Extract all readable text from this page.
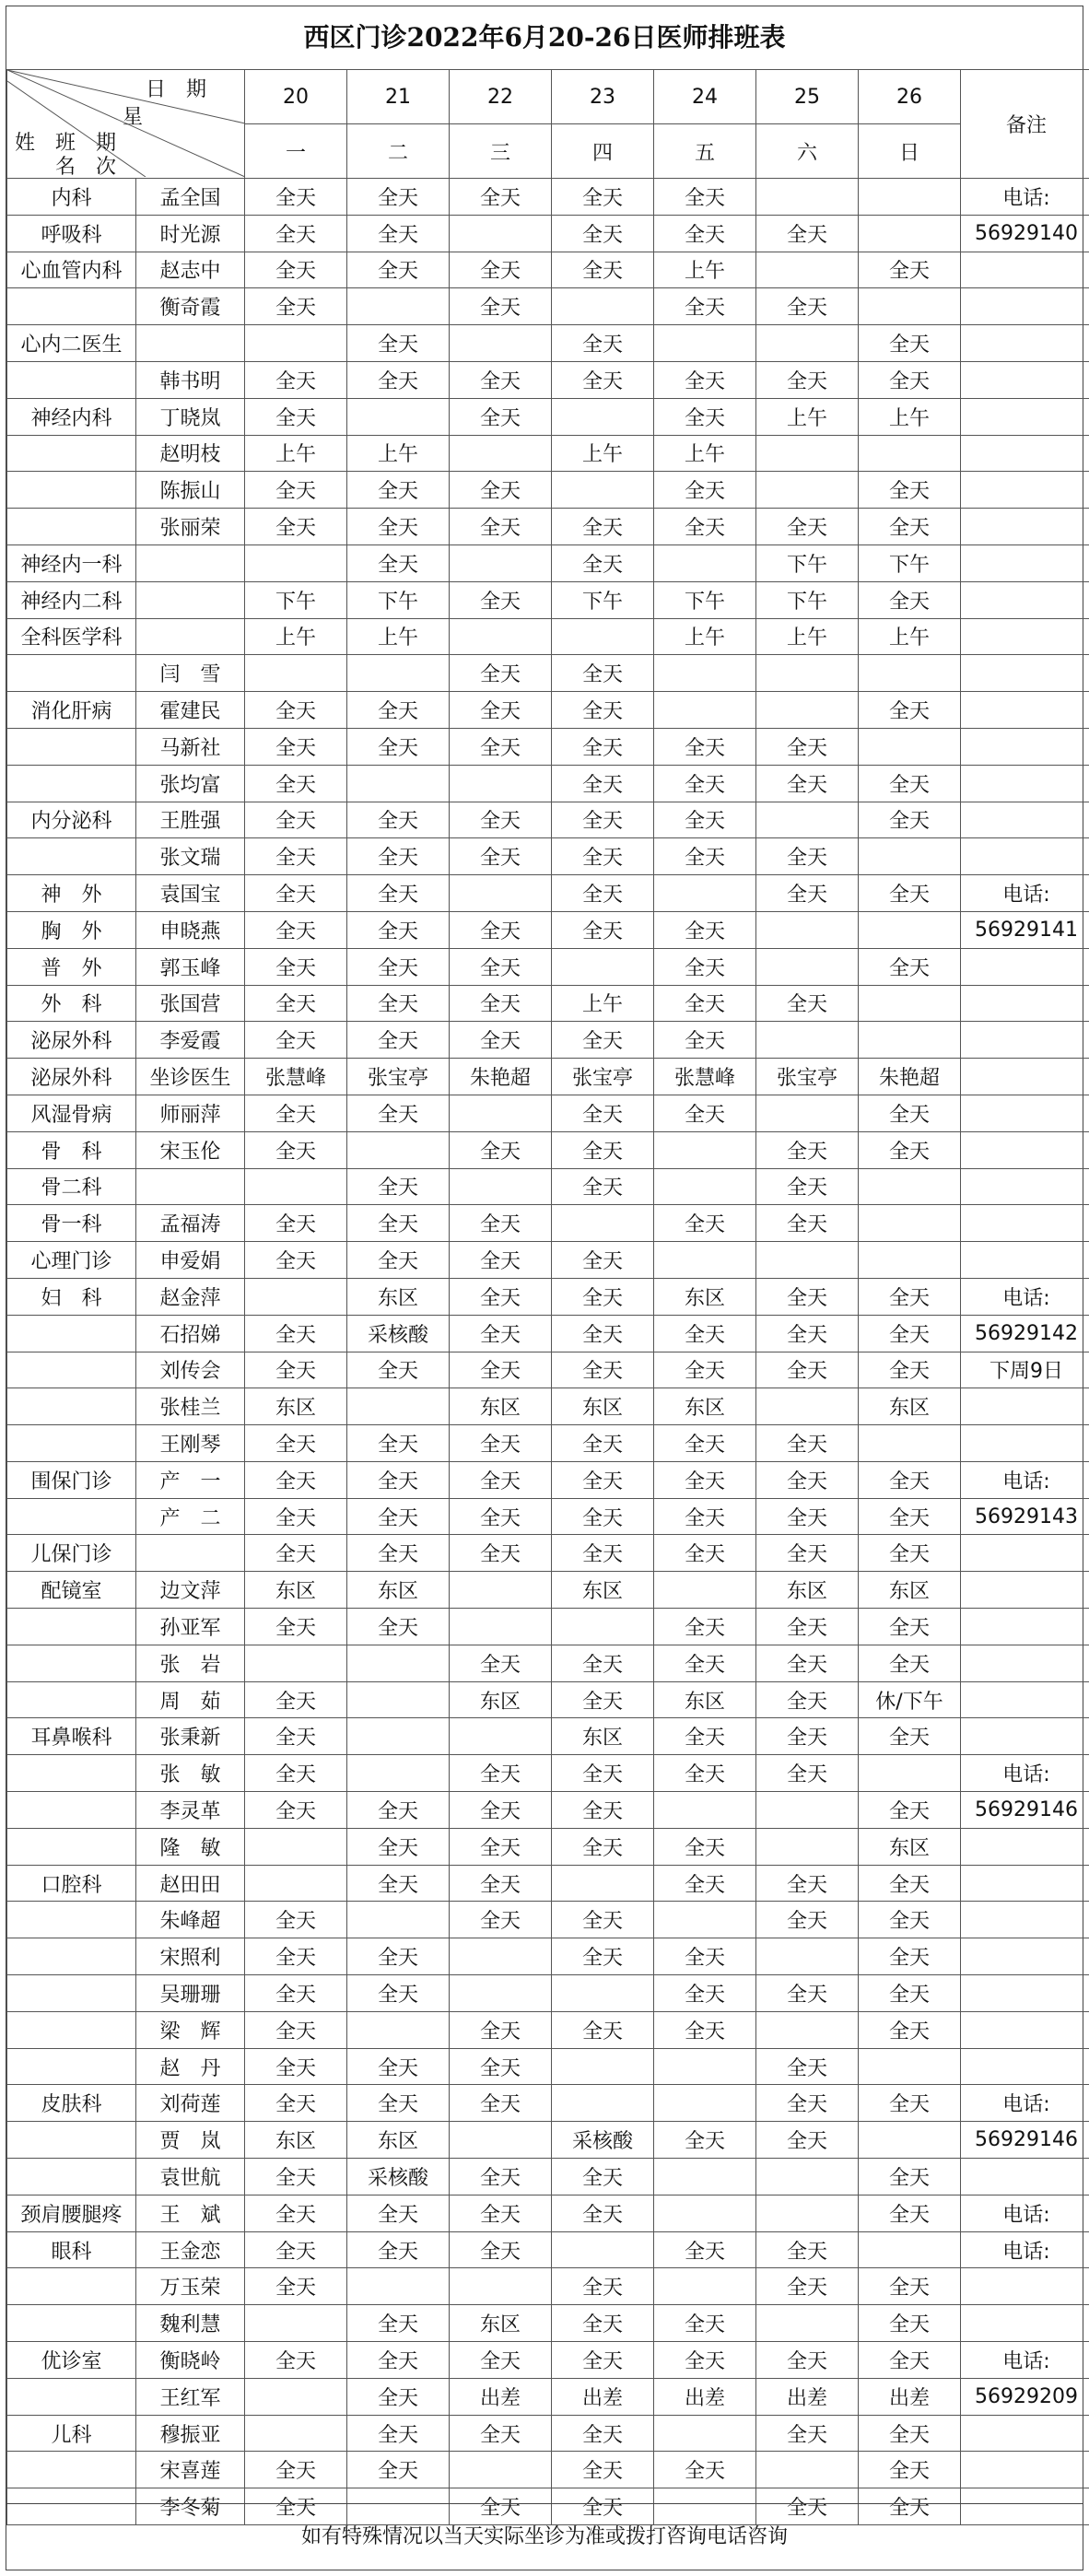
西区门诊2022年6月20-26日医师排班表
日　期
星
姓　班　期
名　次		20	21	22	23	24	25	26	备注
		一	二	三	四	五	六	日	
内科	孟全国	全天	全天	全天	全天	全天			电话:
呼吸科	时光源	全天	全天		全天	全天	全天		56929140
心血管内科	赵志中	全天	全天	全天	全天	上午		全天	
	衡奇霞	全天		全天		全天	全天		
心内二医生			全天		全天			全天	
	韩书明	全天	全天	全天	全天	全天	全天	全天	
神经内科	丁晓岚	全天		全天		全天	上午	上午	
	赵明枝	上午	上午		上午	上午			
	陈振山	全天	全天	全天		全天		全天	
	张丽荣	全天	全天	全天	全天	全天	全天	全天	
神经内一科			全天		全天		下午	下午	
神经内二科		下午	下午	全天	下午	下午	下午	全天	
全科医学科		上午	上午			上午	上午	上午	
	闫　雪			全天	全天				
消化肝病	霍建民	全天	全天	全天	全天			全天	
	马新社	全天	全天	全天	全天	全天	全天		
	张均富	全天			全天	全天	全天	全天	
内分泌科	王胜强	全天	全天	全天	全天	全天		全天	
	张文瑞	全天	全天	全天	全天	全天	全天		
神　外	袁国宝	全天	全天		全天		全天	全天	电话:
胸　外	申晓燕	全天	全天	全天	全天	全天			56929141
普　外	郭玉峰	全天	全天	全天		全天		全天	
外　科	张国营	全天	全天	全天	上午	全天	全天		
泌尿外科	李爱霞	全天	全天	全天	全天	全天			
泌尿外科	坐诊医生	张慧峰	张宝亭	朱艳超	张宝亭	张慧峰	张宝亭	朱艳超	
风湿骨病	师丽萍	全天	全天		全天	全天		全天	
骨　科	宋玉伦	全天		全天	全天		全天	全天	
骨二科			全天		全天		全天		
骨一科	孟福涛	全天	全天	全天		全天	全天		
心理门诊	申爱娟	全天	全天	全天	全天				
妇　科	赵金萍		东区	全天	全天	东区	全天	全天	电话:
	石招娣	全天	采核酸	全天	全天	全天	全天	全天	56929142
	刘传会	全天	全天	全天	全天	全天	全天	全天	下周9日
	张桂兰	东区		东区	东区	东区		东区	
	王刚琴	全天	全天	全天	全天	全天	全天		
围保门诊	产　一	全天	全天	全天	全天	全天	全天	全天	电话:
	产　二	全天	全天	全天	全天	全天	全天	全天	56929143
儿保门诊		全天	全天	全天	全天	全天	全天	全天	
配镜室	边文萍	东区	东区		东区		东区	东区	
	孙亚军	全天	全天			全天	全天	全天	
	张　岩			全天	全天	全天	全天	全天	
	周　茹	全天		东区	全天	东区	全天	休/下午	
耳鼻喉科	张秉新	全天			东区	全天	全天	全天	
	张　敏	全天		全天	全天	全天	全天		电话:
	李灵革	全天	全天	全天	全天			全天	56929146
	隆　敏		全天	全天	全天	全天		东区	
口腔科	赵田田		全天	全天		全天	全天	全天	
	朱峰超	全天		全天	全天		全天	全天	
	宋照利	全天	全天		全天	全天		全天	
	吴珊珊	全天	全天			全天	全天	全天	
	梁　辉	全天		全天	全天	全天		全天	
	赵　丹	全天	全天	全天			全天		
皮肤科	刘荷莲	全天	全天	全天			全天	全天	电话:
	贾　岚	东区	东区		采核酸	全天	全天		56929146
	袁世航	全天	采核酸	全天	全天			全天	
颈肩腰腿疼	王　斌	全天	全天	全天	全天			全天	电话:
眼科	王金恋	全天	全天	全天		全天	全天		电话:
	万玉荣	全天			全天		全天	全天	
	魏利慧		全天	东区	全天	全天		全天	
优诊室	衡晓岭	全天	全天	全天	全天	全天	全天	全天	电话:
	王红军		全天	出差	出差	出差	出差	出差	56929209
儿科	穆振亚		全天	全天	全天		全天	全天	
	宋喜莲	全天	全天		全天	全天		全天	
	李冬菊	全天		全天	全天		全天	全天	
如有特殊情况以当天实际坐诊为准或拨打咨询电话咨询
